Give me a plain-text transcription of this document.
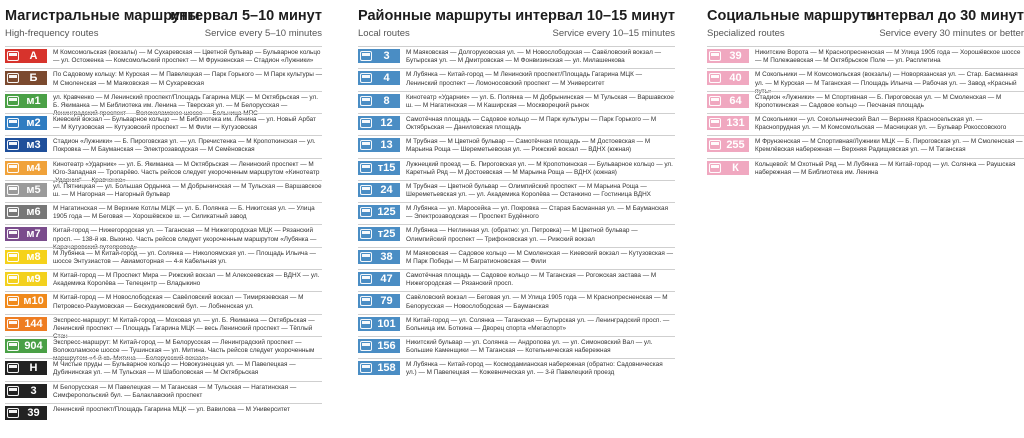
Магистральные маршруты
High-frequency routes
интервал 5–10 минут
Service every 5–10 minutes
А	М Комсомольская (вокзалы) — М Сухаревская — Цветной бульвар — Бульварное кольцо — ул. Остоженка — Комсомольский проспект — М Фрунзенская — Стадион «Лужники»
Б	По Садовому кольцу: М Курская — М Павелецкая — Парк Горького — М Парк культуры — М Смоленская — М Маяковская — М Сухаревская
м1	ул. Кравченко — М Ленинский проспект/Площадь Гагарина МЦК — М Октябрьская — ул. Б. Якиманка — М Библиотека им. Ленина — Тверская ул. — М Белорусская — Ленинградский проспект — Волоколамское шоссе — Больница МПС
м2	Киевский вокзал — Бульварное кольцо — М Библиотека им. Ленина — ул. Новый Арбат — М Кутузовская — Кутузовский проспект — М Фили — Кутузовская
м3	Стадион «Лужники» — Б. Пироговская ул. — ул. Пречистенка — М Кропоткинская — ул. Покровка — М Бауманская — Электрозаводская — М Семёновская
м4	Кинотеатр «Ударник» — ул. Б. Якиманка — М Октябрьская — Ленинский проспект — М Юго-Западная — Тропарёво. Часть рейсов следует укороченным маршрутом «Кинотеатр „Ударник“ — Кравченко»
м5	ул. Пятницкая — ул. Большая Ордынка — М Добрынинская — М Тульская — Варшавское ш. — М Нагорная — Нагорный бульвар
м6	М Нагатинская — М Верхние Котлы МЦК — ул. Б. Полянка — Б. Никитская ул. — Улица 1905 года — М Беговая — Хорошёвское ш. — Силикатный завод
м7	Китай-город — Нижегородская ул. — Таганская — М Нижегородская МЦК — Рязанский просп. — 138-й кв. Выхино. Часть рейсов следует укороченным маршрутом «Лубянка — Карачаровский путепровод»
м8	М Лубянка — М Китай-город — ул. Солянка — Николоямская ул. — Площадь Ильича — шоссе Энтузиастов — Авиамоторная — 4-я Кабельная ул.
м9	М Китай-город — М Проспект Мира — Рижский вокзал — М Алексеевская — ВДНХ — ул. Академика Королёва — Телецентр — Владыкино
м10	М Китай-город — М Новослободская — Савёловский вокзал — Тимирязевская — М Петровско-Разумовская — Бескудниковский бул. — Лобненская ул.
144	Экспресс-маршрут: М Китай-город — Моховая ул. — ул. Б. Якиманка — Октябрьская — Ленинский проспект — Площадь Гагарина МЦК — весь Ленинский проспект — Тёплый Стан
904	Экспресс-маршрут: М Китай-город — М Белорусская — Ленинградский проспект — Волоколамское шоссе — Тушинская — ул. Митина. Часть рейсов следует укороченным маршрутом «4-й кв. Митина — Белорусский вокзал»
Н	М Чистые пруды — Бульварное кольцо — Новокузнецкая ул. — М Павелецкая — Дубининская ул. — М Тульская — М Шаболовская — М Октябрьская
3	М Белорусская — М Павелецкая — М Таганская — М Тульская — Нагатинская — Симферопольский бул. — Балаклавский проспект
39	Ленинский проспект/Площадь Гагарина МЦК — ул. Вавилова — М Университет
Районные маршруты
Local routes
интервал 10–15 минут
Service every 10–15 minutes
3	М Маяковская — Долгоруковская ул. — М Новослободская — Савёловский вокзал — Бутырская ул. — М Дмитровская — М Фонвизинская — ул. Милашенкова
4	М Лубянка — Китай-город — М Ленинский проспект/Площадь Гагарина МЦК — Ленинский проспект — Ломоносовский проспект — М Университет
8	Кинотеатр «Ударник» — ул. Б. Полянка — М Добрынинская — М Тульская — Варшавское ш. — М Нагатинская — М Каширская — Москворецкий рынок
12	Самотёчная площадь — Садовое кольцо — М Парк культуры — Парк Горького — М Октябрьская — Даниловская площадь
13	М Трубная — М Цветной бульвар — Самотёчная площадь — М Достоевская — М Марьина Роща — Шереметьевская ул. — Рижский вокзал — ВДНХ (южная)
т15	Лужнецкий проезд — Б. Пироговская ул. — М Кропоткинская — Бульварное кольцо — ул. Каретный Ряд — М Достоевская — М Марьина Роща — ВДНХ (южная)
24	М Трубная — Цветной бульвар — Олимпийский проспект — М Марьина Роща — Шереметьевская ул. — ул. Академика Королёва — Останкино — Гостиница ВДНХ
125	М Лубянка — ул. Маросейка — ул. Покровка — Старая Басманная ул. — М Бауманская — Электрозаводская — Проспект Будённого
т25	М Лубянка — Неглинная ул. (обратно: ул. Петровка) — М Цветной бульвар — Олимпийский проспект — Трифоновская ул. — Рижский вокзал
38	М Маяковская — Садовое кольцо — М Смоленская — Киевский вокзал — Кутузовская — М Парк Победы — М Багратионовская — Фили
47	Самотёчная площадь — Садовое кольцо — М Таганская — Рогожская застава — М Нижегородская — Рязанский просп.
79	Савёловский вокзал — Беговая ул. — М Улица 1905 года — М Краснопресненская — М Белорусская — Новослободская — Бауманская
101	М Китай-город — ул. Солянка — Таганская — Бутырская ул. — Ленинградский просп. — Больница им. Боткина — Дворец спорта «Мегаспорт»
156	Никитский бульвар — ул. Солянка — Андропова ул. — ул. Симоновский Вал — ул. Большие Каменщики — М Таганская — Котельническая набережная
158	М Лубянка — Китай-город — Космодамианская набережная (обратно: Садовническая ул.) — М Павелецкая — Кожевническая ул. — 3-й Павелецкий проезд
Социальные маршруты
Specialized routes
интервал до 30 минут
Service every 30 minutes or better
39	Никитские Ворота — М Краснопресненская — М Улица 1905 года — Хорошёвское шоссе — М Полежаевская — М Октябрьское Поле — ул. Расплетина
40	М Сокольники — М Комсомольская (вокзалы) — Новорязанская ул. — Стар. Басманная ул. — М Курская — М Таганская — Площадь Ильича — Рабочая ул. — Завод «Красный путь»
64	Стадион «Лужники» — М Спортивная — Б. Пироговская ул. — М Смоленская — М Кропоткинская — Садовое кольцо — Песчаная площадь
131	М Сокольники — ул. Сокольнический Вал — Верхняя Красносельская ул. — Краснопрудная ул. — М Комсомольская — Масницкая ул. — Бульвар Рокоссовского
255	М Фрунзенская — М Спортивная/Лужники МЦК — Б. Пироговская ул. — М Смоленская — Кремлёвская набережная — Верхняя Радищевская ул. — М Таганская
К	Кольцевой: М Охотный Ряд — М Лубянка — М Китай-город — ул. Солянка — Раушская набережная — М Библиотека им. Ленина
